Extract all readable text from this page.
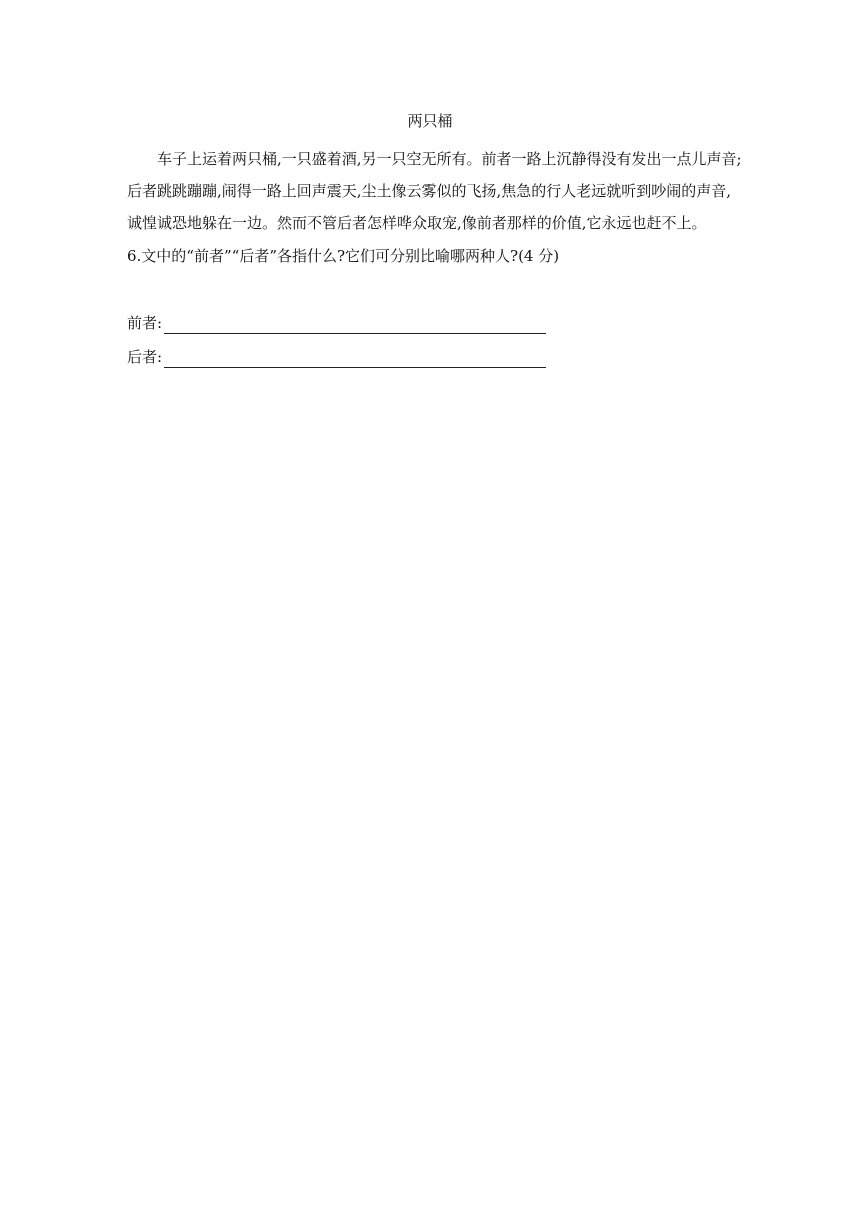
两只桶
车子上运着两只桶,一只盛着酒,另一只空无所有。前者一路上沉静得没有发出一点儿声音;
后者跳跳蹦蹦,闹得一路上回声震天,尘土像云雾似的飞扬,焦急的行人老远就听到吵闹的声音,
诚惶诚恐地躲在一边。然而不管后者怎样哗众取宠,像前者那样的价值,它永远也赶不上。
6.文中的“前者”“后者”各指什么?它们可分别比喻哪两种人?(4 分)
前者:
后者:
